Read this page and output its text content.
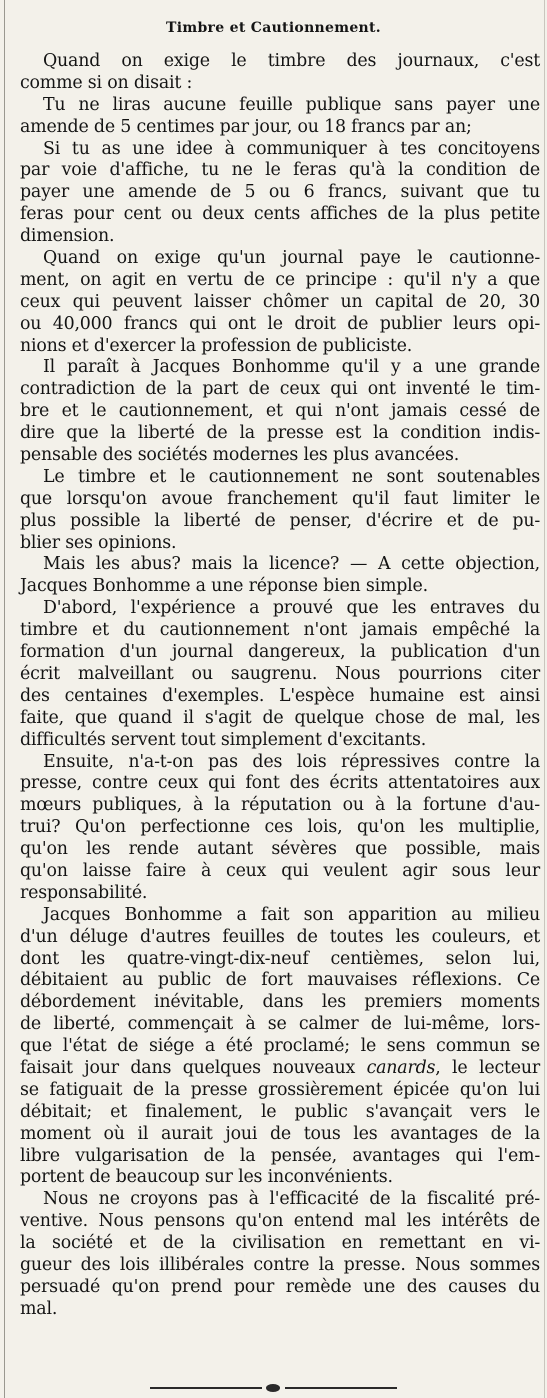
Timbre et Cautionnement.
Quand on exige le timbre des journaux, c'est
comme si on disait :
Tu ne liras aucune feuille publique sans payer une
amende de 5 centimes par jour, ou 18 francs par an;
Si tu as une idee à communiquer à tes concitoyens
par voie d'affiche, tu ne le feras qu'à la condition de
payer une amende de 5 ou 6 francs, suivant que tu
feras pour cent ou deux cents affiches de la plus petite
dimension.
Quand on exige qu'un journal paye le cautionne-
ment, on agit en vertu de ce principe : qu'il n'y a que
ceux qui peuvent laisser chômer un capital de 20, 30
ou 40,000 francs qui ont le droit de publier leurs opi-
nions et d'exercer la profession de publiciste.
Il paraît à Jacques Bonhomme qu'il y a une grande
contradiction de la part de ceux qui ont inventé le tim-
bre et le cautionnement, et qui n'ont jamais cessé de
dire que la liberté de la presse est la condition indis-
pensable des sociétés modernes les plus avancées.
Le timbre et le cautionnement ne sont soutenables
que lorsqu'on avoue franchement qu'il faut limiter le
plus possible la liberté de penser, d'écrire et de pu-
blier ses opinions.
Mais les abus? mais la licence? — A cette objection,
Jacques Bonhomme a une réponse bien simple.
D'abord, l'expérience a prouvé que les entraves du
timbre et du cautionnement n'ont jamais empêché la
formation d'un journal dangereux, la publication d'un
écrit malveillant ou saugrenu. Nous pourrions citer
des centaines d'exemples. L'espèce humaine est ainsi
faite, que quand il s'agit de quelque chose de mal, les
difficultés servent tout simplement d'excitants.
Ensuite, n'a-t-on pas des lois répressives contre la
presse, contre ceux qui font des écrits attentatoires aux
mœurs publiques, à la réputation ou à la fortune d'au-
trui? Qu'on perfectionne ces lois, qu'on les multiplie,
qu'on les rende autant sévères que possible, mais
qu'on laisse faire à ceux qui veulent agir sous leur
responsabilité.
Jacques Bonhomme a fait son apparition au milieu
d'un déluge d'autres feuilles de toutes les couleurs, et
dont les quatre-vingt-dix-neuf centièmes, selon lui,
débitaient au public de fort mauvaises réflexions. Ce
débordement inévitable, dans les premiers moments
de liberté, commençait à se calmer de lui-même, lors-
que l'état de siége a été proclamé; le sens commun se
faisait jour dans quelques nouveaux canards, le lecteur
se fatiguait de la presse grossièrement épicée qu'on lui
débitait; et finalement, le public s'avançait vers le
moment où il aurait joui de tous les avantages de la
libre vulgarisation de la pensée, avantages qui l'em-
portent de beaucoup sur les inconvénients.
Nous ne croyons pas à l'efficacité de la fiscalité pré-
ventive. Nous pensons qu'on entend mal les intérêts de
la société et de la civilisation en remettant en vi-
gueur des lois illibérales contre la presse. Nous sommes
persuadé qu'on prend pour remède une des causes du
mal.
